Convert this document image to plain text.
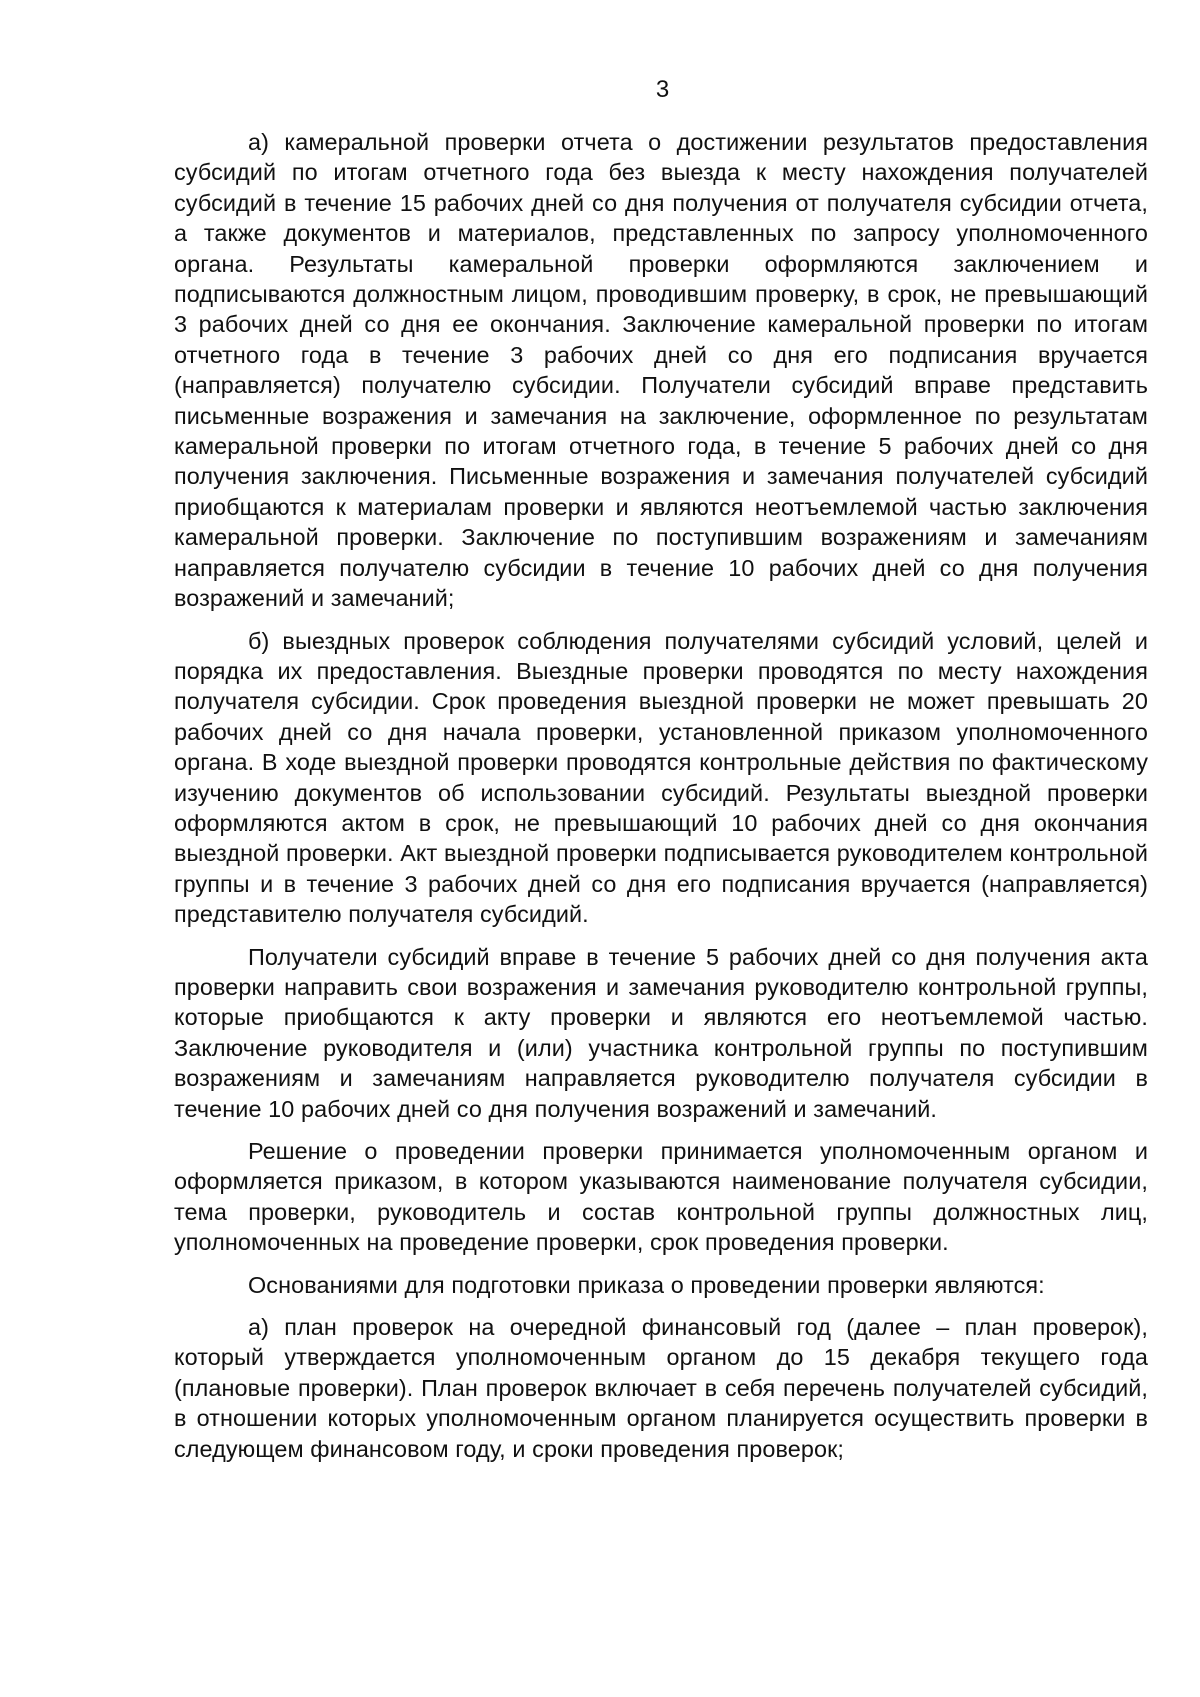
3

а) камеральной проверки отчета о достижении результатов предоставления субсидий по итогам отчетного года без выезда к месту нахождения получателей субсидий в течение 15 рабочих дней со дня получения от получателя субсидии отчета, а также документов и материалов, представленных по запросу уполномоченного органа. Результаты камеральной проверки оформляются заключением и подписываются должностным лицом, проводившим проверку, в срок, не превышающий 3 рабочих дней со дня ее окончания. Заключение камеральной проверки по итогам отчетного года в течение 3 рабочих дней со дня его подписания вручается (направляется) получателю субсидии. Получатели субсидий вправе представить письменные возражения и замечания на заключение, оформленное по результатам камеральной проверки по итогам отчетного года, в течение 5 рабочих дней со дня получения заключения. Письменные возражения и замечания получателей субсидий приобщаются к материалам проверки и являются неотъемлемой частью заключения камеральной проверки. Заключение по поступившим возражениям и замечаниям направляется получателю субсидии в течение 10 рабочих дней со дня получения возражений и замечаний;

б) выездных проверок соблюдения получателями субсидий условий, целей и порядка их предоставления. Выездные проверки проводятся по месту нахождения получателя субсидии. Срок проведения выездной проверки не может превышать 20 рабочих дней со дня начала проверки, установленной приказом уполномоченного органа. В ходе выездной проверки проводятся контрольные действия по фактическому изучению документов об использовании субсидий. Результаты выездной проверки оформляются актом в срок, не превышающий 10 рабочих дней со дня окончания выездной проверки. Акт выездной проверки подписывается руководителем контрольной группы и в течение 3 рабочих дней со дня его подписания вручается (направляется) представителю получателя субсидий.

Получатели субсидий вправе в течение 5 рабочих дней со дня получения акта проверки направить свои возражения и замечания руководителю контрольной группы, которые приобщаются к акту проверки и являются его неотъемлемой частью. Заключение руководителя и (или) участника контрольной группы по поступившим возражениям и замечаниям направляется руководителю получателя субсидии в течение 10 рабочих дней со дня получения возражений и замечаний.

Решение о проведении проверки принимается уполномоченным органом и оформляется приказом, в котором указываются наименование получателя субсидии, тема проверки, руководитель и состав контрольной группы должностных лиц, уполномоченных на проведение проверки, срок проведения проверки.

Основаниями для подготовки приказа о проведении проверки являются:

а) план проверок на очередной финансовый год (далее – план проверок), который утверждается уполномоченным органом до 15 декабря текущего года (плановые проверки). План проверок включает в себя перечень получателей субсидий, в отношении которых уполномоченным органом планируется осуществить проверки в следующем финансовом году, и сроки проведения проверок;
